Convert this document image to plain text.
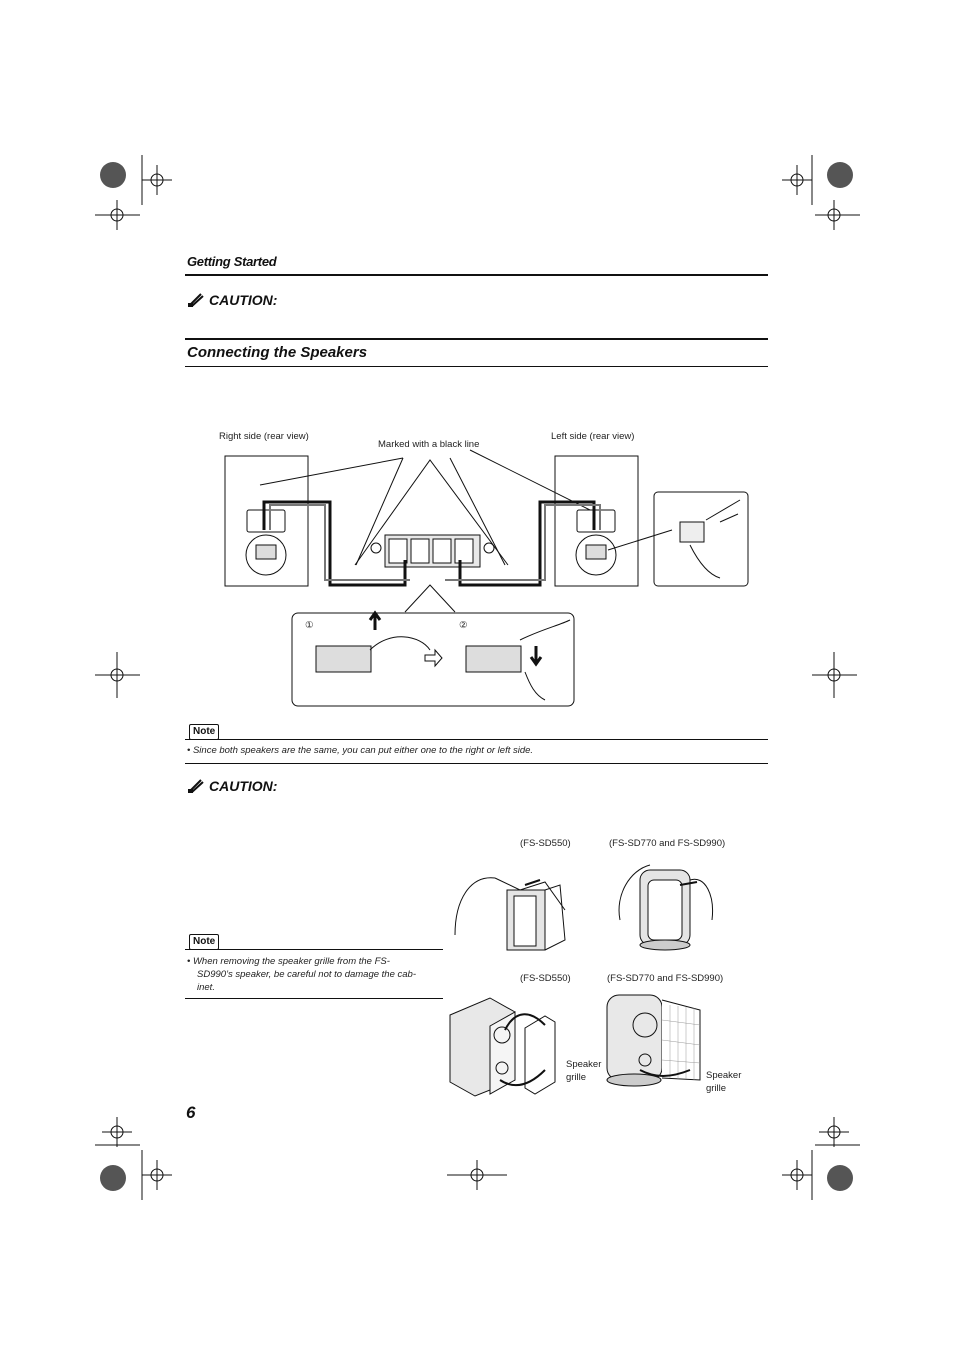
Getting Started
CAUTION:
Connecting the Speakers
Right side (rear view)
Marked with a black line
Left side (rear view)
①	②
Note
• Since both speakers are the same, you can put either one to the right or left side.
CAUTION:
Note
• When removing the speaker grille from the FS-
SD990’s speaker, be careful not to damage the cab-
inet.
(FS-SD550)	(FS-SD770 and FS-SD990)
(FS-SD550)	(FS-SD770 and FS-SD990)
Speaker
grille	Speaker
grille
6
